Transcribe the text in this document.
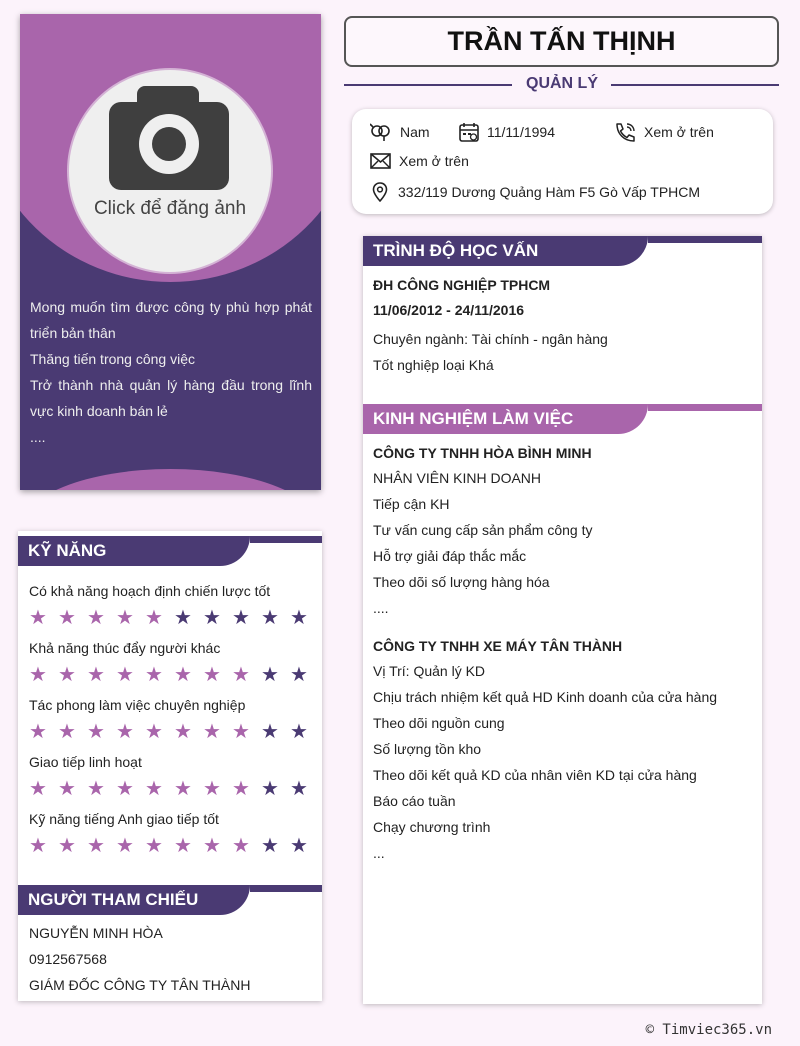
Click để đăng ảnh
Mong muốn tìm được công ty phù hợp phát triển bản thân
Thăng tiến trong công việc
Trở thành nhà quản lý hàng đầu trong lĩnh vực kinh doanh bán lẻ
....
KỸ NĂNG
Có khả năng hoạch định chiến lược tốt
★ ★ ★ ★ ★ ★ ★ ★ ★ ★
Khả năng thúc đẩy người khác
★ ★ ★ ★ ★ ★ ★ ★ ★ ★
Tác phong làm việc chuyên nghiệp
★ ★ ★ ★ ★ ★ ★ ★ ★ ★
Giao tiếp linh hoạt
★ ★ ★ ★ ★ ★ ★ ★ ★ ★
Kỹ năng tiếng Anh giao tiếp tốt
★ ★ ★ ★ ★ ★ ★ ★ ★ ★
NGƯỜI THAM CHIẾU
NGUYỄN MINH HÒA
0912567568
GIÁM ĐỐC CÔNG TY TÂN THÀNH
TRẦN TẤN THỊNH
QUẢN LÝ
Nam	11/11/1994	Xem ở trên
Xem ở trên
332/119 Dương Quảng Hàm F5 Gò Vấp TPHCM
TRÌNH ĐỘ HỌC VẤN
ĐH CÔNG NGHIỆP TPHCM
11/06/2012 - 24/11/2016
Chuyên ngành: Tài chính - ngân hàng
Tốt nghiệp loại Khá
KINH NGHIỆM LÀM VIỆC
CÔNG TY TNHH HÒA BÌNH MINH
NHÂN VIÊN KINH DOANH
Tiếp cận KH
Tư vấn cung cấp sản phẩm công ty
Hỗ trợ giải đáp thắc mắc
Theo dõi số lượng hàng hóa
....
CÔNG TY TNHH XE MÁY TÂN THÀNH
Vị Trí: Quản lý KD
Chịu trách nhiệm kết quả HD Kinh doanh của cửa hàng
Theo dõi nguồn cung
Số lượng tồn kho
Theo dõi kết quả KD của nhân viên KD tại cửa hàng
Báo cáo tuần
Chạy chương trình
...
© Timviec365.vn
